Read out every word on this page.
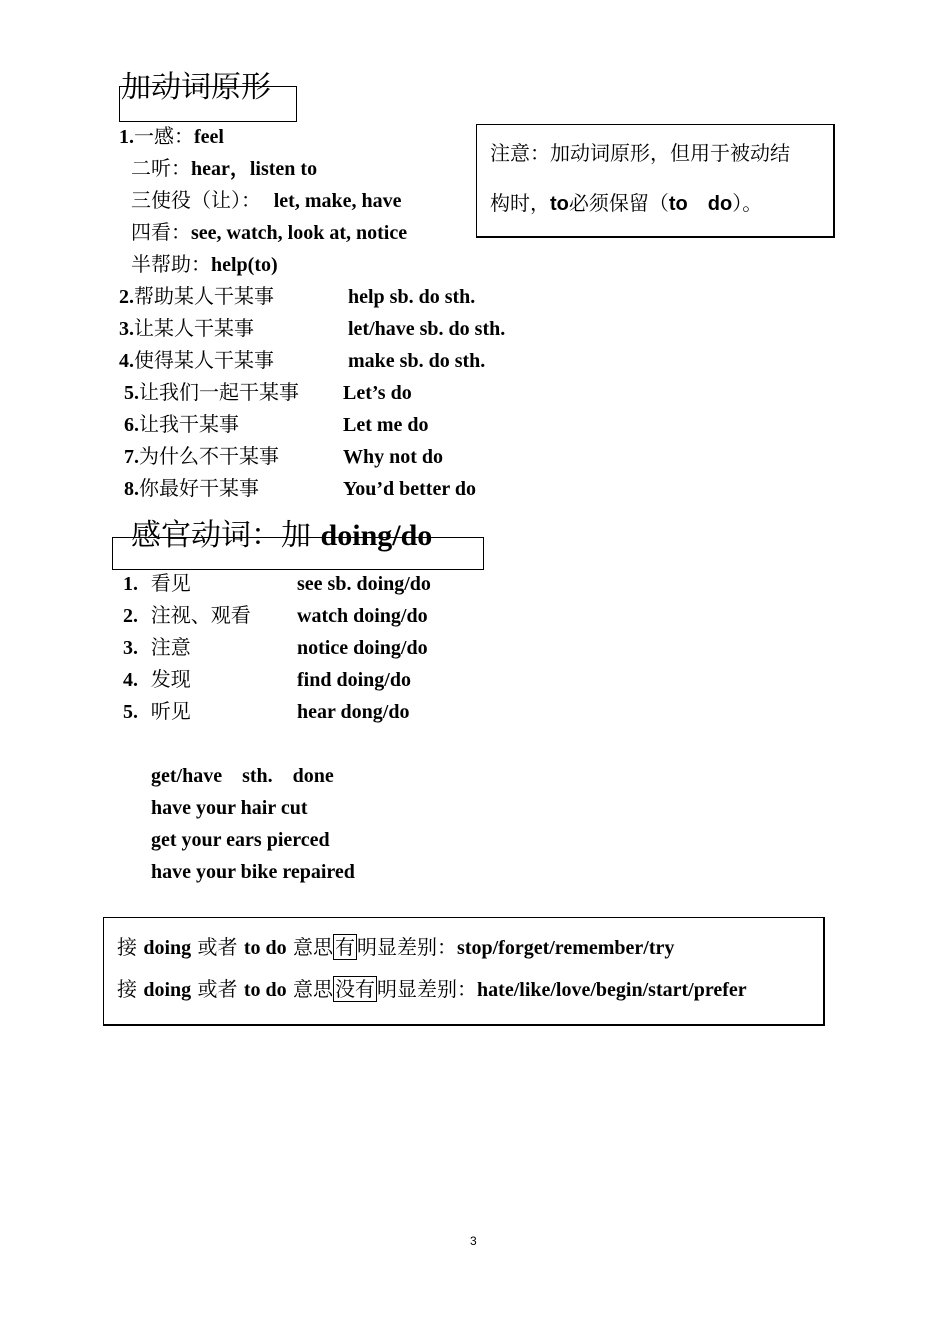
加动词原形
1.一感：feel
二听：hear，listen to
三使役（让）： let, make, have
四看：see, watch, look at, notice
半帮助：help(to)
2.帮助某人干某事	help sb. do sth.
3.让某人干某事	let/have sb. do sth.
4.使得某人干某事	make sb. do sth.
5.让我们一起干某事 Let’s do
6.让我干某事	Let me do
7.为什么不干某事	Why not do
8.你最好干某事	You’d better do
注意：加动词原形，但用于被动结
构时，to必须保留（to　do）。
感官动词：加 doing/do
1. 看见	see sb. doing/do
2. 注视、观看 watch doing/do
3. 注意	notice doing/do
4. 发现	find doing/do
5. 听见	hear dong/do
get/have　sth.　done
have your hair cut
get your ears pierced
have your bike repaired
接 doing 或者 to do 意思 有 明显差别：stop/forget/remember/try
接 doing 或者 to do 意思 没有 明显差别：hate/like/love/begin/start/prefer
3
